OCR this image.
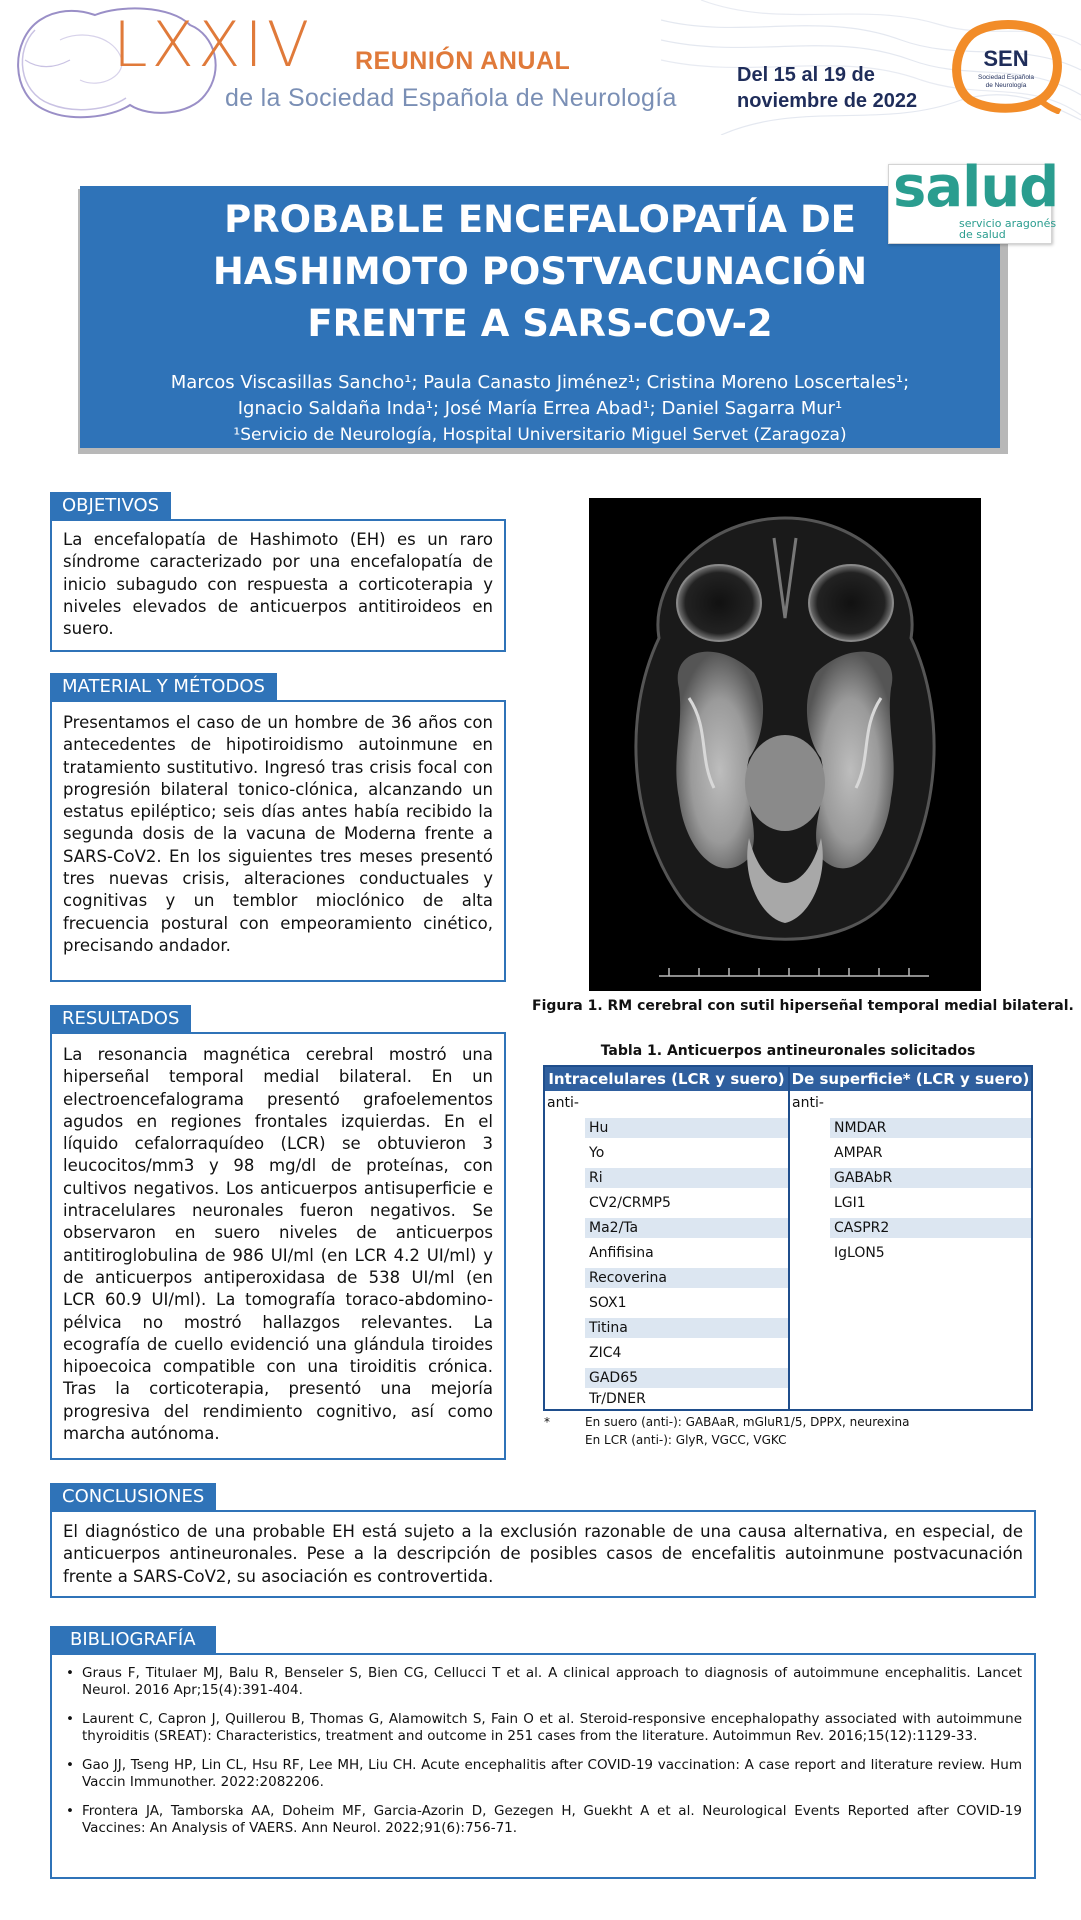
LXXIV REUNIÓN ANUAL
de la Sociedad Española de Neurología
Del 15 al 19 de
noviembre de 2022
SEN
Sociedad Española
de Neurología
PROBABLE ENCEFALOPATÍA DE
HASHIMOTO POSTVACUNACIÓN
FRENTE A SARS-COV-2
Marcos Viscasillas Sancho¹; Paula Canasto Jiménez¹; Cristina Moreno Loscertales¹;
Ignacio Saldaña Inda¹; José María Errea Abad¹; Daniel Sagarra Mur¹
¹Servicio de Neurología, Hospital Universitario Miguel Servet (Zaragoza)
salud
servicio aragonés
de salud
OBJETIVOS

La encefalopatía de Hashimoto (EH) es un raro síndrome caracterizado por una encefalopatía de inicio subagudo con respuesta a corticoterapia y niveles elevados de anticuerpos antitiroideos en suero.

MATERIAL Y MÉTODOS

Presentamos el caso de un hombre de 36 años con antecedentes de hipotiroidismo autoinmune en tratamiento sustitutivo. Ingresó tras crisis focal con progresión bilateral tonico-clónica, alcanzando un estatus epiléptico; seis días antes había recibido la segunda dosis de la vacuna de Moderna frente a SARS-CoV2. En los siguientes tres meses presentó tres nuevas crisis, alteraciones conductuales y cognitivas y un temblor mioclónico de alta frecuencia postural con empeoramiento cinético, precisando andador.

RESULTADOS

La resonancia magnética cerebral mostró una hiperseñal temporal medial bilateral. En un electroencefalograma presentó grafoelementos agudos en regiones frontales izquierdas. En el líquido cefalorraquídeo (LCR) se obtuvieron 3 leucocitos/mm3 y 98 mg/dl de proteínas, con cultivos negativos. Los anticuerpos antisuperficie e intracelulares neuronales fueron negativos. Se observaron en suero niveles de anticuerpos antitiroglobulina de 986 UI/ml (en LCR 4.2 UI/ml) y de anticuerpos antiperoxidasa de 538 UI/ml (en LCR 60.9 UI/ml). La tomografía toraco-abdomino-pélvica no mostró hallazgos relevantes. La ecografía de cuello evidenció una glándula tiroides hipoecoica compatible con una tiroiditis crónica. Tras la corticoterapia, presentó una mejoría progresiva del rendimiento cognitivo, así como marcha autónoma.

Figura 1. RM cerebral con sutil hiperseñal temporal medial bilateral.
Tabla 1. Anticuerpos antineuronales solicitados
Intracelulares (LCR y suero) De superficie* (LCR y suero)
anti-	anti-
Hu
Yo
Ri
CV2/CRMP5
Ma2/Ta
Anfifisina
Recoverina
SOX1
Titina
ZIC4
GAD65
Tr/DNER
NMDAR
AMPAR
GABAbR
LGI1
CASPR2
IgLON5
*	En suero (anti-): GABAaR, mGluR1/5, DPPX, neurexina
En LCR (anti-): GlyR, VGCC, VGKC
CONCLUSIONES

El diagnóstico de una probable EH está sujeto a la exclusión razonable de una causa alternativa, en especial, de anticuerpos antineuronales. Pese a la descripción de posibles casos de encefalitis autoinmune postvacunación frente a SARS-CoV2, su asociación es controvertida.

BIBLIOGRAFÍA
• Graus F, Titulaer MJ, Balu R, Benseler S, Bien CG, Cellucci T et al. A clinical approach to diagnosis of autoimmune encephalitis. Lancet Neurol. 2016 Apr;15(4):391-404.
• Laurent C, Capron J, Quillerou B, Thomas G, Alamowitch S, Fain O et al. Steroid-responsive encephalopathy associated with autoimmune thyroiditis (SREAT): Characteristics, treatment and outcome in 251 cases from the literature. Autoimmun Rev. 2016;15(12):1129-33.
• Gao JJ, Tseng HP, Lin CL, Hsu RF, Lee MH, Liu CH. Acute encephalitis after COVID-19 vaccination: A case report and literature review. Hum Vaccin Immunother. 2022:2082206.
• Frontera JA, Tamborska AA, Doheim MF, Garcia-Azorin D, Gezegen H, Guekht A et al. Neurological Events Reported after COVID-19 Vaccines: An Analysis of VAERS. Ann Neurol. 2022;91(6):756-71.
